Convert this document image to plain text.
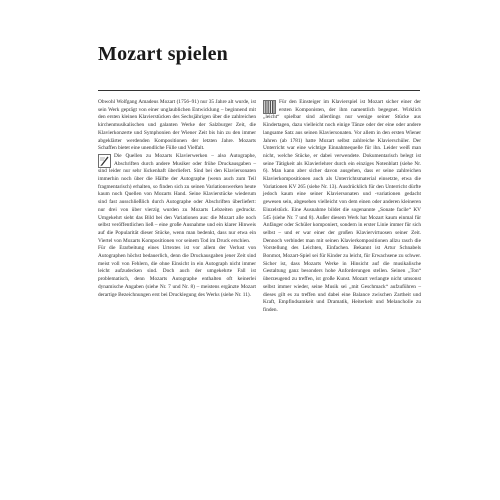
Mozart spielen

Obwohl Wolfgang Amadeus Mozart (1756–91) nur 35 Jahre alt wurde, ist sein Werk geprägt von einer unglaublichen Entwicklung – beginnend mit den ersten kleinen Klavierstücken des Sechsjährigen über die zahlreichen kirchenmusikalischen und galanten Werke der Salzburger Zeit, die Klavierkonzerte und Symphonien der Wiener Zeit bis hin zu den immer abgeklärter werdenden Kompositionen der letzten Jahre. Mozarts Schaffen bietet eine unendliche Fülle und Vielfalt.

Die Quellen zu Mozarts Klavierwerken – also Autographe, Abschriften durch andere Musiker oder frühe Druckausgaben – sind leider nur sehr lückenhaft überliefert. Sind bei den Klaviersonaten immerhin noch über die Hälfte der Autographe (wenn auch zum Teil fragmentarisch) erhalten, so finden sich zu seinen Variationswerken heute kaum noch Quellen von Mozarts Hand. Seine Klavierstücke wiederum sind fast ausschließlich durch Autographe oder Abschriften überliefert: nur drei von über vierzig wurden zu Mozarts Lebzeiten gedruckt. Umgekehrt sieht das Bild bei den Variationen aus: die Mozart alle noch selbst veröffentlichen ließ – eine große Ausnahme und ein klarer Hinweis auf die Popularität dieser Stücke, wenn man bedenkt, dass nur etwa ein Viertel von Mozarts Kompositionen vor seinem Tod im Druck erschien.

Für die Erarbeitung eines Urtextes ist vor allem der Verlust von Autographen höchst bedauerlich, denn die Druckausgaben jener Zeit sind meist voll von Fehlern, die ohne Einsicht in ein Autograph nicht immer leicht aufzudecken sind. Doch auch der umgekehrte Fall ist problematisch, denn Mozarts Autographe enthalten oft keinerlei dynamische Angaben (siehe Nr. 7 und Nr. 8) – meistens ergänzte Mozart derartige Bezeichnungen erst bei Drucklegung des Werks (siehe Nr. 11).

Für den Einsteiger im Klavierspiel ist Mozart sicher einer der ersten Komponisten, der ihm namentlich begegnet. Wirklich „leicht“ spielbar sind allerdings nur wenige seiner Stücke aus Kindertagen, dazu vielleicht noch einige Tänze oder der eine oder andere langsame Satz aus seinen Klaviersonaten. Vor allem in den ersten Wiener Jahren (ab 1781) hatte Mozart selbst zahlreiche Klavierschüler. Der Unterricht war eine wichtige Einnahmequelle für ihn. Leider weiß man nicht, welche Stücke, er dabei verwendete. Dokumentarisch belegt ist seine Tätigkeit als Klavierlehrer durch ein einziges Notenblatt (siehe Nr. 6). Man kann aber sicher davon ausgehen, dass er seine zahlreichen Klavierkompositionen auch als Unterrichtsmaterial einsetzte, etwa die Variationen KV 265 (siehe Nr. 13). Ausdrücklich für den Unterricht dürfte jedoch kaum eine seiner Klaviersonaten und -variationen gedacht gewesen sein, abgesehen vielleicht von dem einen oder anderen kleineren Einzelstück. Eine Ausnahme bildet die sogenannte „Sonate facile“ KV 545 (siehe Nr. 7 und 8). Außer diesem Werk hat Mozart kaum einmal für Anfänger oder Schüler komponiert, sondern in erster Linie immer für sich selbst – und er war einer der großen Klaviervirtuosen seiner Zeit. Dennoch verbindet man mit seinen Klavierkompositionen allzu rasch die Vorstellung des Leichten, Einfachen. Bekannt ist Artur Schnabels Bonmot, Mozart-Spiel sei für Kinder zu leicht, für Erwachsene zu schwer. Sicher ist, dass Mozarts Werke in Hinsicht auf die musikalische Gestaltung ganz besonders hohe Anforderungen stellen. Seinen „Ton“ überzeugend zu treffen, ist große Kunst. Mozart verlangte nicht umsonst selbst immer wieder, seine Musik sei „mit Geschmack“ aufzuführen – dieses gilt es zu treffen und dabei eine Balance zwischen Zartheit und Kraft, Empfindsamkeit und Dramatik, Heiterkeit und Melancholie zu finden.
